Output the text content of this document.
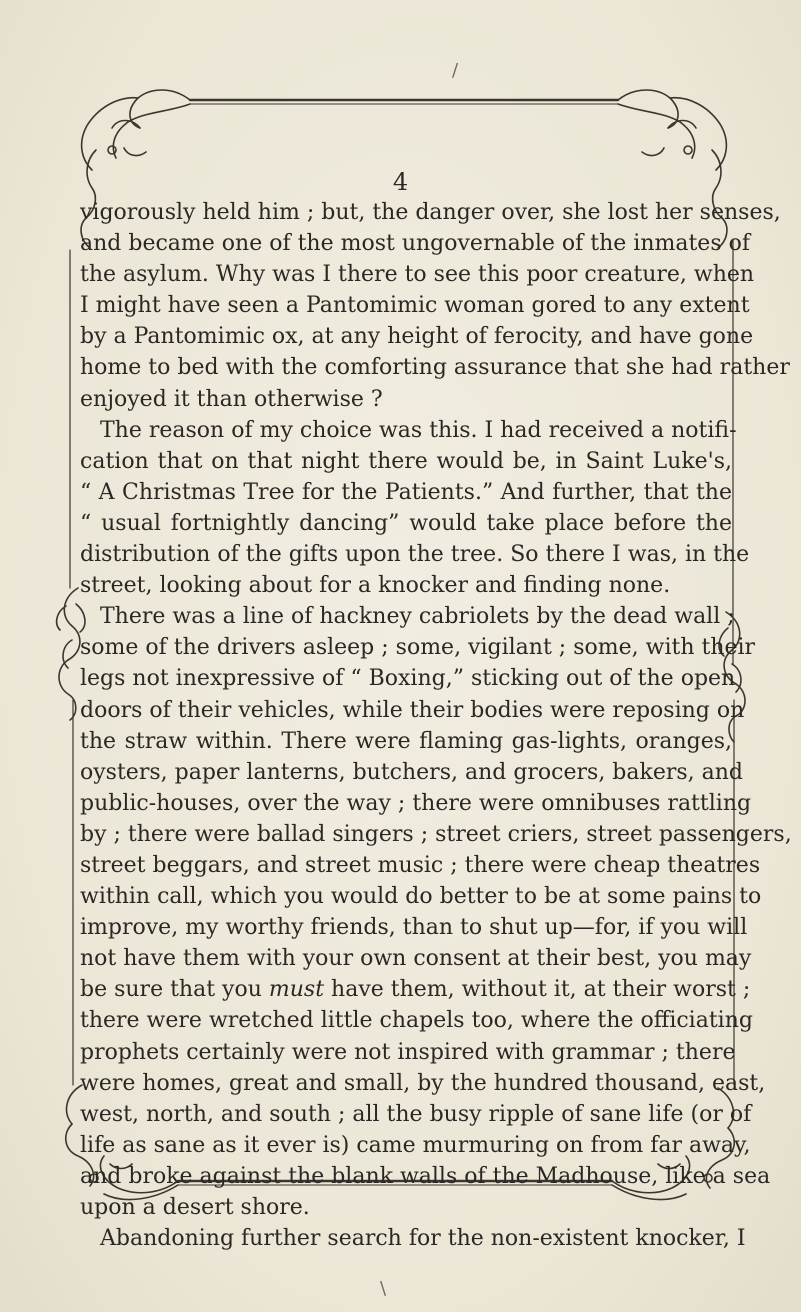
/
4
vigorously held him ; but, the danger over, she lost her senses,
and became one of the most ungovernable of the inmates of
the asylum. Why was I there to see this poor creature, when
I might have seen a Pantomimic woman gored to any extent
by a Pantomimic ox, at any height of ferocity, and have gone
home to bed with the comforting assurance that she had rather
enjoyed it than otherwise ?
The reason of my choice was this. I had received a notifi-
cation that on that night there would be, in Saint Luke's,
“ A Christmas Tree for the Patients.” And further, that the
“ usual fortnightly dancing” would take place before the
distribution of the gifts upon the tree. So there I was, in the
street, looking about for a knocker and finding none.
There was a line of hackney cabriolets by the dead wall ;
some of the drivers asleep ; some, vigilant ; some, with their
legs not inexpressive of “ Boxing,” sticking out of the open
doors of their vehicles, while their bodies were reposing on
the straw within. There were flaming gas-lights, oranges,
oysters, paper lanterns, butchers, and grocers, bakers, and
public-houses, over the way ; there were omnibuses rattling
by ; there were ballad singers ; street criers, street passengers,
street beggars, and street music ; there were cheap theatres
within call, which you would do better to be at some pains to
improve, my worthy friends, than to shut up—for, if you will
not have them with your own consent at their best, you may
be sure that you must have them, without it, at their worst ;
there were wretched little chapels too, where the officiating
prophets certainly were not inspired with grammar ; there
were homes, great and small, by the hundred thousand, east,
west, north, and south ; all the busy ripple of sane life (or of
life as sane as it ever is) came murmuring on from far away,
and broke against the blank walls of the Madhouse, like a sea
upon a desert shore.
Abandoning further search for the non-existent knocker, I
\
